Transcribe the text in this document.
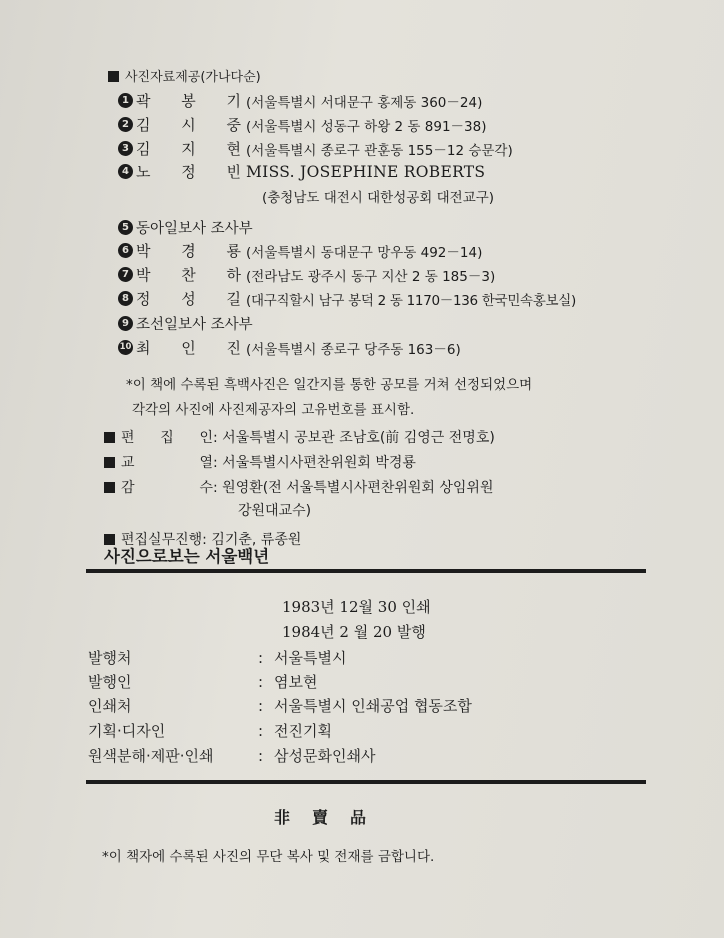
사진자료제공(가나다순)
1 곽 봉 기(서울특별시 서대문구 홍제동 360－24)
2 김 시 중(서울특별시 성동구 하왕 2 동 891－38)
3 김 지 현(서울특별시 종로구 관훈동 155－12 승문각)
4 노 정 빈MISS. JOSEPHINE ROBERTS
(충청남도 대전시 대한성공회 대전교구)
5 동아일보사 조사부
6 박 경 룡(서울특별시 동대문구 망우동 492－14)
7 박 찬 하(전라남도 광주시 동구 지산 2 동 185－3)
8 정 성 길(대구직할시 남구 봉덕 2 동 1170－136 한국민속홍보실)
9 조선일보사 조사부
10 최 인 진(서울특별시 종로구 당주동 163－6)
*이 책에 수록된 흑백사진은 일간지를 통한 공모를 거쳐 선정되었으며
각각의 사진에 사진제공자의 고유번호를 표시함.
편 집 인: 서울특별시 공보관 조남호(前 김영근 전명호)
교 열: 서울특별시사편찬위원회 박경룡
감 수: 원영환(전 서울특별시사편찬위원회 상임위원
강원대교수)
편집실무진행: 김기춘, 류종원
사진으로보는 서울백년
1983년 12월 30 인쇄
1984년 2 월 20 발행
발행처	: 서울특별시
발행인	: 염보현
인쇄처	: 서울특별시 인쇄공업 협동조합
기획·디자인	: 전진기획
원색분해·제판·인쇄	: 삼성문화인쇄사
非賣品
*이 책자에 수록된 사진의 무단 복사 및 전재를 금합니다.
